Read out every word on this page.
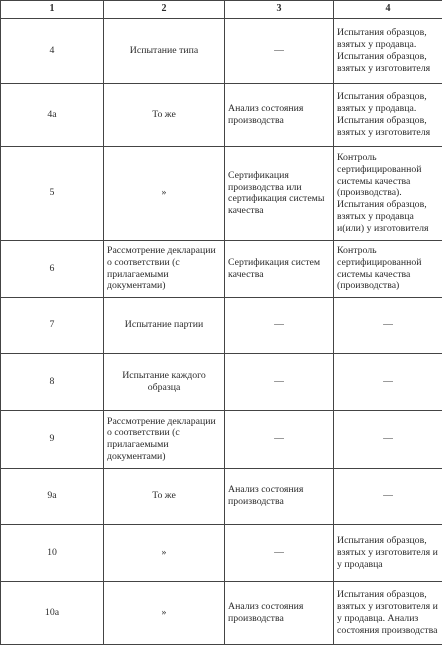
1	2	3	4
4	Испытание типа	—	Испытания образцов, взятых у продавца. Испытания образцов, взятых у изготовителя
4а	То же	Анализ состояния производства	Испытания образцов, взятых у продавца. Испытания образцов, взятых у изготовителя
5	»	Сертификация производства или сертификация системы качества	Контроль сертифицированной системы качества (производства). Испытания образцов, взятых у продавца и(или) у изготовителя
6	Рассмотрение декларации о соответствии (с прилагаемыми документами)	Сертификация систем качества	Контроль сертифицированной системы качества (производства)
7	Испытание партии	—	—
8	Испытание каждого образца	—	—
9	Рассмотрение декларации о соответствии (с прилагаемыми документами)	—	—
9а	То же	Анализ состояния производства	—
10	»	—	Испытания образцов, взятых у изготовителя и у продавца
10а	»	Анализ состояния производства	Испытания образцов, взятых у изготовителя и у продавца. Анализ состояния производства
